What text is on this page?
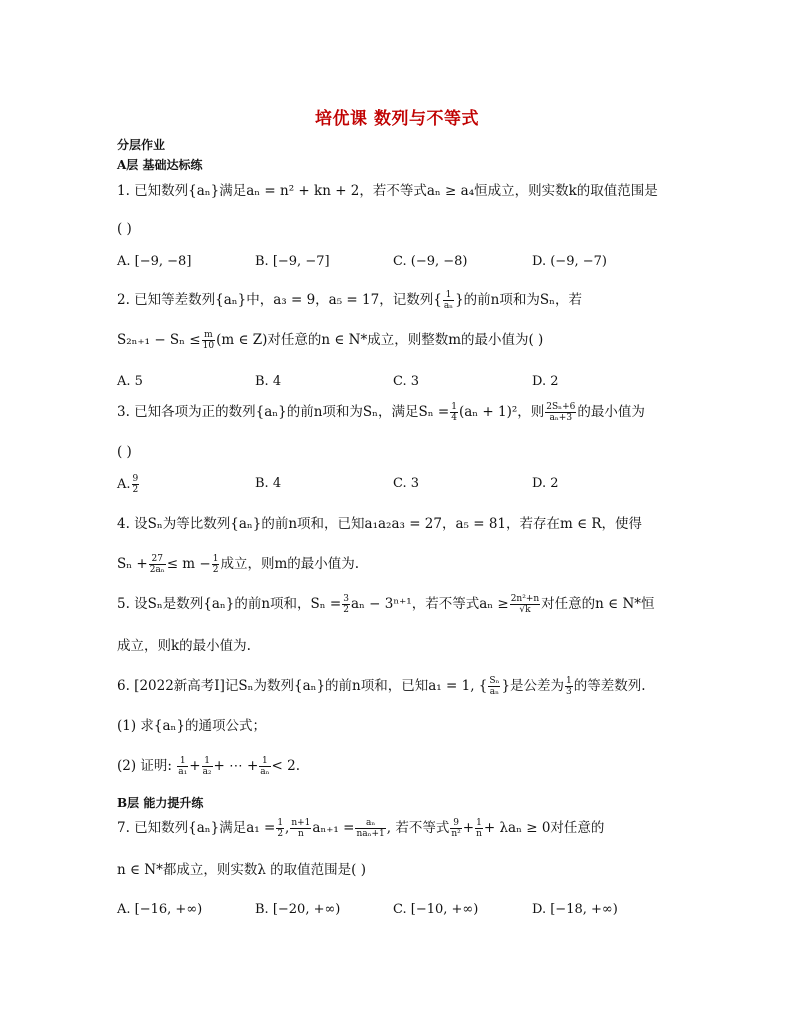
培优课 数列与不等式
分层作业
A层 基础达标练
1. 已知数列{aₙ}满足aₙ = n² + kn + 2，若不等式aₙ ≥ a₄恒成立，则实数k的取值范围是
( )
A. [−9, −8]	B. [−9, −7]	C. (−9, −8)	D. (−9, −7)
2. 已知等差数列{aₙ}中，a₃ = 9，a₅ = 17，记数列{ $\frac{1}{\text{aₙ}}$ }的前n项和为Sₙ，若
$S_{2n+1} - S_n \le \frac{m}{10} (m$ ∈ Z)对任意的n ∈ N*成立，则整数m的最小值为( )
A. 5	B. 4	C. 3	D. 2
3. 已知各项为正的数列{aₙ}的前n项和为Sₙ，满足$S_n = \frac{1}{4} (a_n + 1)^2$，则 $\frac{\text{2Sₙ+6}}{\text{aₙ+3}}$ 的最小值为
( )
A. $\frac{9}{2}$	B. 4	C. 3	D. 2
4. 设Sₙ为等比数列{aₙ}的前n项和，已知a₁a₂a₃ = 27，a₅ = 81，若存在m ∈ R，使得
$S_n + \frac{27}{\text{2aₙ}} \le m - \frac{1}{2}$ 成立，则m的最小值为.
5. 设Sₙ是数列{aₙ}的前n项和，$S_n = \frac{3}{2}$ aₙ − 3ⁿ⁺¹，若不等式$a_n \ge \frac{\text{2n²+n}}{√k}$ 对任意的n ∈ N*恒
成立，则k的最小值为.
6. [2022新高考Ⅰ]记Sₙ为数列{aₙ}的前n项和，已知a₁ = 1, { $\frac{\text{Sₙ}}{\text{aₙ}}$ }是公差为 $\frac{1}{3}$ 的等差数列.
(1) 求{aₙ}的通项公式；
(2) 证明: $\frac{1}{\text{a₁}} + \frac{1}{\text{a₂}}$ + ⋯ + $\frac{1}{\text{aₙ}} < 2$.
B层 能力提升练
7. 已知数列{aₙ}满足$a_1 = \frac{1}{2}$ , $\frac{n+1}{n} a_{n+1} = \frac{\text{aₙ}}{\text{naₙ+1}}$ , 若不等式 $\frac{9}{\text{n²}} + \frac{1}{n} + \lambda a_n \ge 0$对任意的
n ∈ N*都成立，则实数λ 的取值范围是( )
A. [−16, +∞)	B. [−20, +∞)	C. [−10, +∞)	D. [−18, +∞)
